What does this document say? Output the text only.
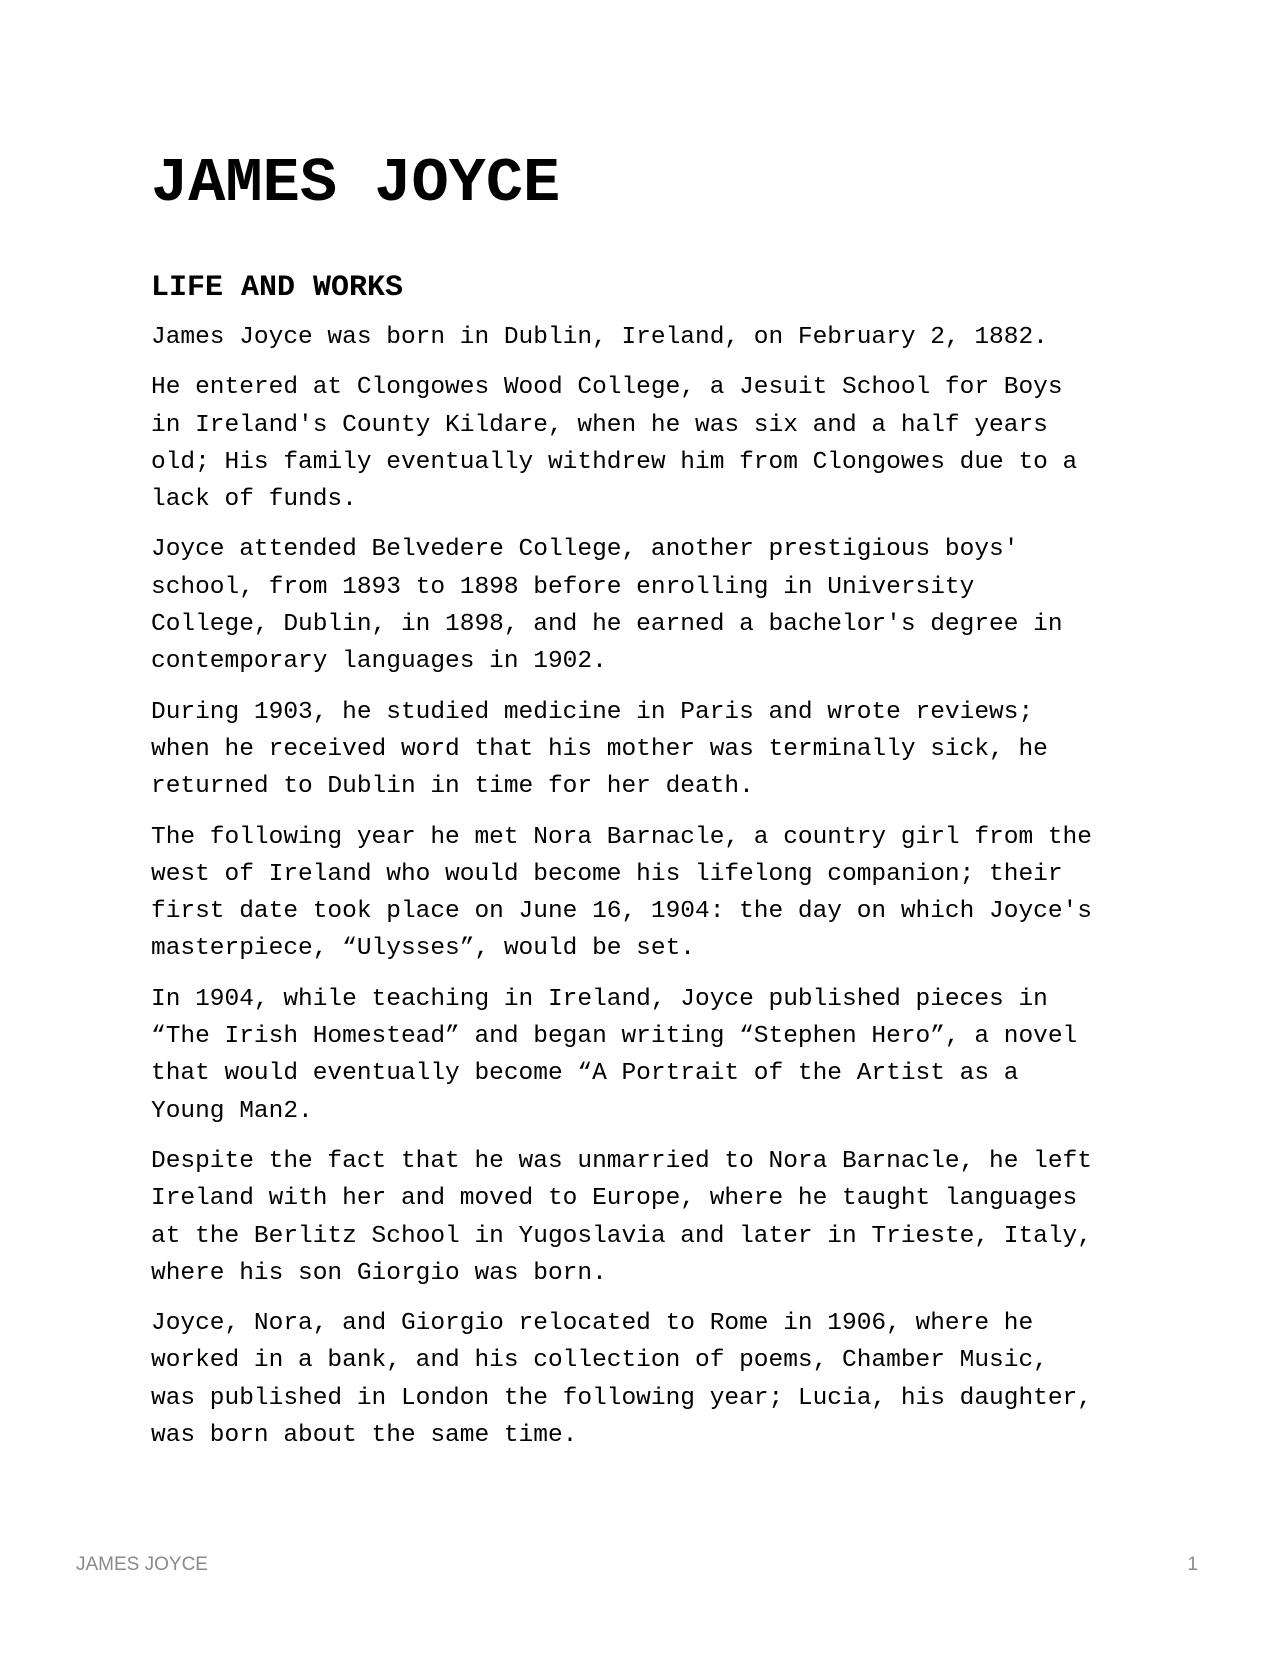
JAMES JOYCE
LIFE AND WORKS

James Joyce was born in Dublin, Ireland, on February 2, 1882.

He entered at Clongowes Wood College, a Jesuit School for Boys
in Ireland's County Kildare, when he was six and a half years
old; His family eventually withdrew him from Clongowes due to a
lack of funds.

Joyce attended Belvedere College, another prestigious boys'
school, from 1893 to 1898 before enrolling in University
College, Dublin, in 1898, and he earned a bachelor's degree in
contemporary languages in 1902.

During 1903, he studied medicine in Paris and wrote reviews;
when he received word that his mother was terminally sick, he
returned to Dublin in time for her death.

The following year he met Nora Barnacle, a country girl from the
west of Ireland who would become his lifelong companion; their
first date took place on June 16, 1904: the day on which Joyce's
masterpiece, “Ulysses”, would be set.

In 1904, while teaching in Ireland, Joyce published pieces in
“The Irish Homestead” and began writing “Stephen Hero”, a novel
that would eventually become “A Portrait of the Artist as a
Young Man2.

Despite the fact that he was unmarried to Nora Barnacle, he left
Ireland with her and moved to Europe, where he taught languages
at the Berlitz School in Yugoslavia and later in Trieste, Italy,
where his son Giorgio was born.

Joyce, Nora, and Giorgio relocated to Rome in 1906, where he
worked in a bank, and his collection of poems, Chamber Music,
was published in London the following year; Lucia, his daughter,
was born about the same time.

JAMES JOYCE	1
